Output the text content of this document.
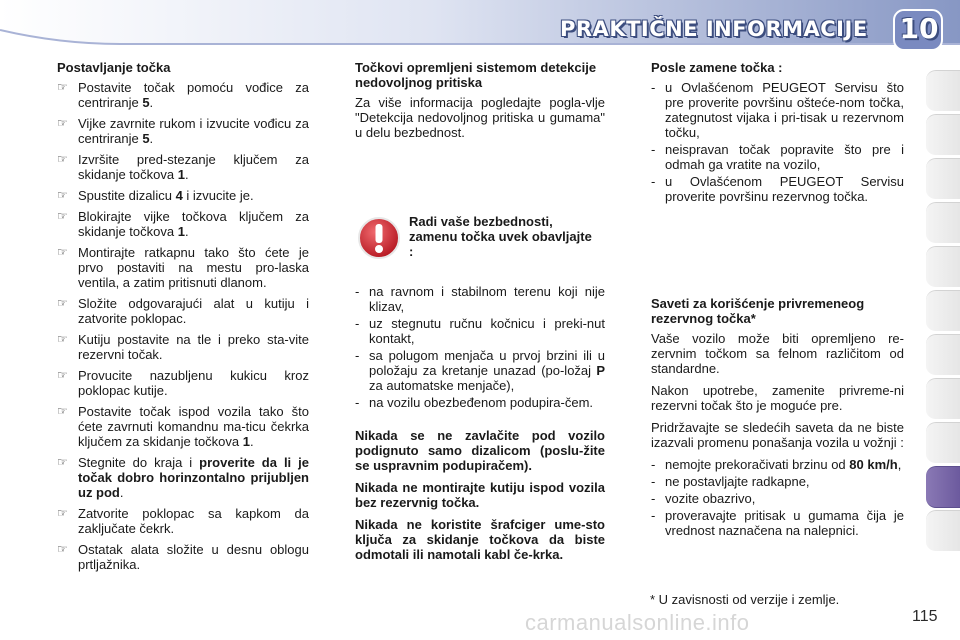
PRAKTIČNE INFORMACIJE 10
Postavljanje točka
☞ Postavite točak pomoću vođice za centriranje 5.
☞ Vijke zavrnite rukom i izvucite vođicu za centriranje 5.
☞ Izvršite pred-stezanje ključem za skidanje točkova 1.
☞ Spustite dizalicu 4 i izvucite je.
☞ Blokirajte vijke točkova ključem za skidanje točkova 1.
☞ Montirajte ratkapnu tako što ćete je prvo postaviti na mestu pro-laska ventila, a zatim pritisnuti dlanom.
☞ Složite odgovarajući alat u kutiju i zatvorite poklopac.
☞ Kutiju postavite na tle i preko sta-vite rezervni točak.
☞ Provucite nazubljenu kukicu kroz poklopac kutije.
☞ Postavite točak ispod vozila tako što ćete zavrnuti komandnu ma-ticu čekrka ključem za skidanje točkova 1.
☞ Stegnite do kraja i proverite da li je točak dobro horinzontalno prijubljen uz pod.
☞ Zatvorite poklopac sa kapkom da zaključate čekrk.
☞ Ostatak alata složite u desnu oblogu prtljažnika.
Točkovi opremljeni sistemom detekcije nedovoljnog pritiska

Za više informacija pogledajte pogla-vlje "Detekcija nedovoljnog pritiska u gumama" u delu bezbednost.

Radi vaše bezbednosti, zamenu točka uvek obavljajte :
- na ravnom i stabilnom terenu koji nije klizav,
- uz stegnutu ručnu kočnicu i preki-nut kontakt,
- sa polugom menjača u prvoj brzini ili u položaju za kretanje unazad (po-ložaj P za automatske menjače),
- na vozilu obezbeđenom podupira-čem.

Nikada se ne zavlačite pod vozilo podignuto samo dizalicom (poslu-žite se uspravnim podupiračem).

Nikada ne montirajte kutiju ispod vozila bez rezervnig točka.

Nikada ne koristite šrafciger ume-sto ključa za skidanje točkova da biste odmotali ili namotali kabl če-krka.

Posle zamene točka :
- u Ovlašćenom PEUGEOT Servisu što pre proverite površinu ošteće-nom točka, zategnutost vijaka i pri-tisak u rezervnom točku,
- neispravan točak popravite što pre i odmah ga vratite na vozilo,
- u Ovlašćenom PEUGEOT Servisu proverite površinu rezervnog točka.
Saveti za korišćenje privremeneog rezervnog točka*

Vaše vozilo može biti opremljeno re-zervnim točkom sa felnom različitom od standardne.

Nakon upotrebe, zamenite privreme-ni rezervni točak što je moguće pre.

Pridržavajte se sledećih saveta da ne biste izazvali promenu ponašanja vozila u vožnji :

- nemojte prekoračivati brzinu od 80 km/h,
- ne postavljajte radkapne,
- vozite obazrivo,
- proveravajte pritisak u gumama čija je vrednost naznačena na nalepnici.
* U zavisnosti od verzije i zemlje.
carmanualsonline.info	115
